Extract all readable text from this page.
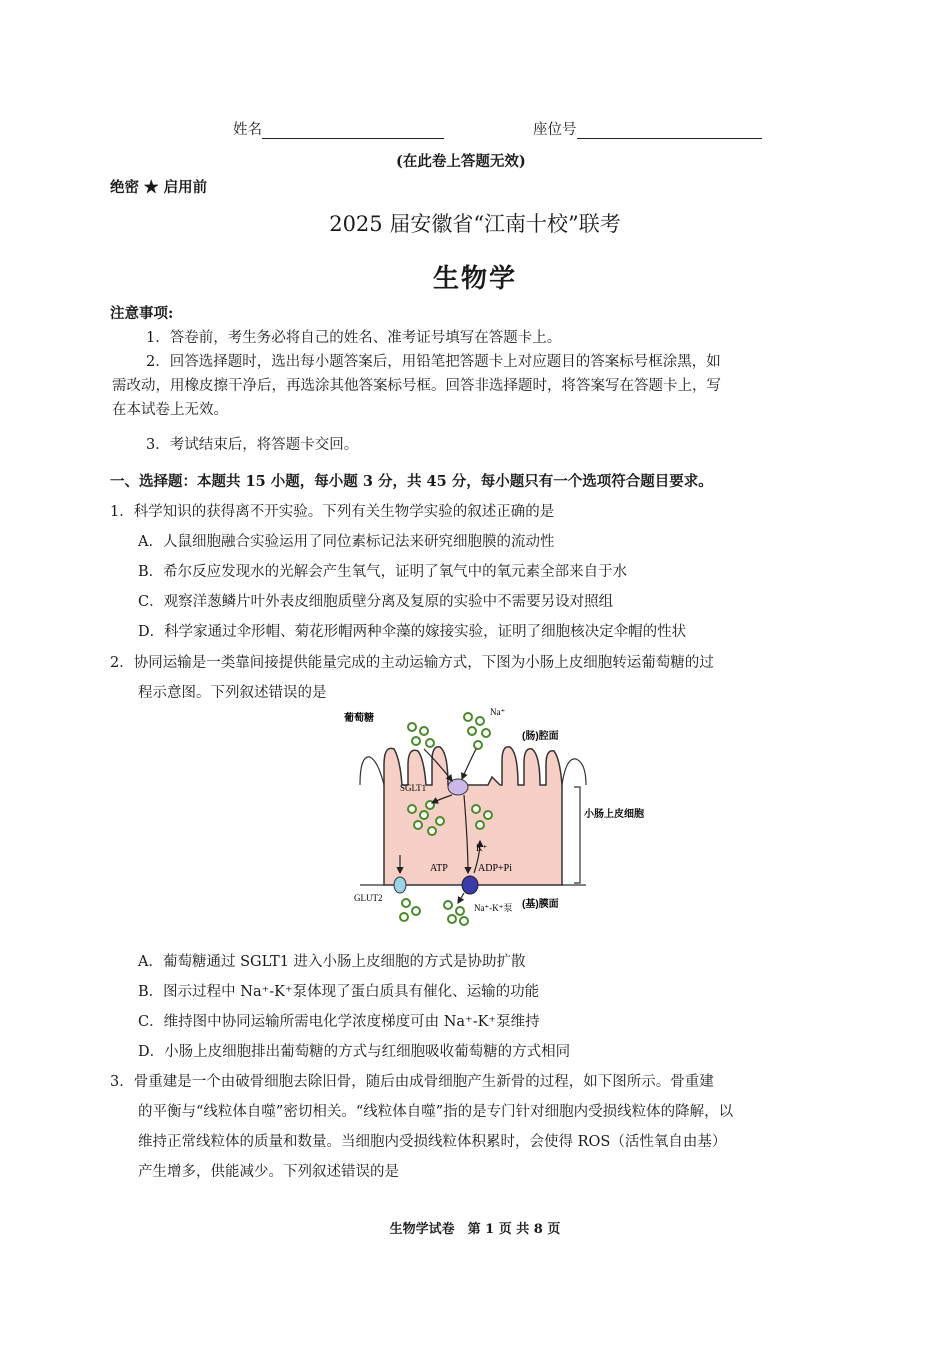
姓名	座位号
(在此卷上答题无效)
绝密 ★ 启用前
2025 届安徽省“江南十校”联考
生物学
注意事项:
1．答卷前，考生务必将自己的姓名、准考证号填写在答题卡上。
2．回答选择题时，选出每小题答案后，用铅笔把答题卡上对应题目的答案标号框涂黑，如
需改动，用橡皮擦干净后，再选涂其他答案标号框。回答非选择题时，将答案写在答题卡上，写
在本试卷上无效。
3．考试结束后，将答题卡交回。
一、选择题：本题共 15 小题，每小题 3 分，共 45 分，每小题只有一个选项符合题目要求。
1．科学知识的获得离不开实验。下列有关生物学实验的叙述正确的是
A．人鼠细胞融合实验运用了同位素标记法来研究细胞膜的流动性
B．希尔反应发现水的光解会产生氧气，证明了氧气中的氧元素全部来自于水
C．观察洋葱鳞片叶外表皮细胞质壁分离及复原的实验中不需要另设对照组
D．科学家通过伞形帽、菊花形帽两种伞藻的嫁接实验，证明了细胞核决定伞帽的性状
2．协同运输是一类靠间接提供能量完成的主动运输方式，下图为小肠上皮细胞转运葡萄糖的过
程示意图。下列叙述错误的是
葡萄糖
Na⁺
(肠)腔面
SGLT1
小肠上皮细胞
ATP	ADP+Pi
K⁺
GLUT2
Na⁺-K⁺泵 (基)膜面
A．葡萄糖通过 SGLT1 进入小肠上皮细胞的方式是协助扩散
B．图示过程中 Na⁺-K⁺泵体现了蛋白质具有催化、运输的功能
C．维持图中协同运输所需电化学浓度梯度可由 Na⁺-K⁺泵维持
D．小肠上皮细胞排出葡萄糖的方式与红细胞吸收葡萄糖的方式相同
3．骨重建是一个由破骨细胞去除旧骨，随后由成骨细胞产生新骨的过程，如下图所示。骨重建
的平衡与“线粒体自噬”密切相关。“线粒体自噬”指的是专门针对细胞内受损线粒体的降解，以
维持正常线粒体的质量和数量。当细胞内受损线粒体积累时，会使得 ROS（活性氧自由基）
产生增多，供能减少。下列叙述错误的是
生物学试卷　第 1 页 共 8 页
